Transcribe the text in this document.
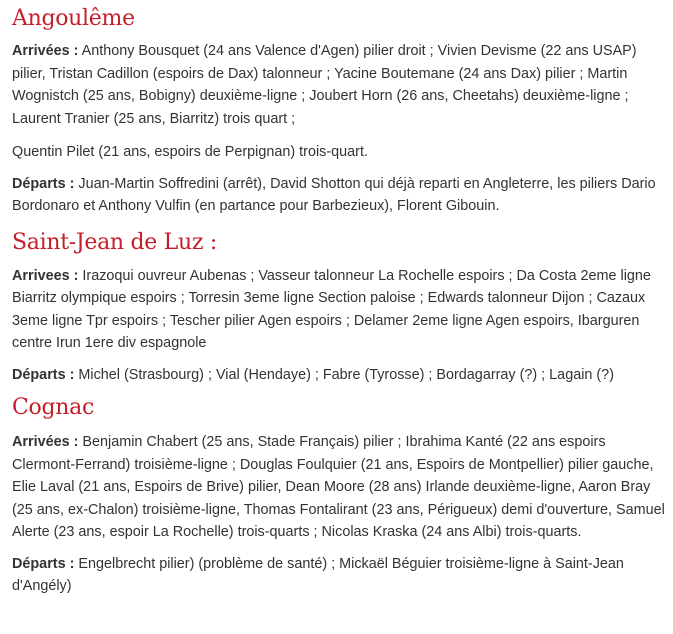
Angoulême

Arrivées : Anthony Bousquet (24 ans Valence d'Agen) pilier droit ; Vivien Devisme (22 ans USAP) pilier, Tristan Cadillon (espoirs de Dax) talonneur ; Yacine Boutemane (24 ans Dax) pilier ; Martin Wognistch (25 ans, Bobigny) deuxième-ligne ; Joubert Horn (26 ans, Cheetahs) deuxième-ligne ; Laurent Tranier (25 ans, Biarritz) trois quart ;

Quentin Pilet (21 ans, espoirs de Perpignan) trois-quart.

Départs : Juan-Martin Soffredini (arrêt), David Shotton qui déjà reparti en Angleterre, les piliers Dario Bordonaro et Anthony Vulfin (en partance pour Barbezieux), Florent Gibouin.

Saint-Jean de Luz :

Arrivees : Irazoqui ouvreur Aubenas ; Vasseur talonneur La Rochelle espoirs ; Da Costa 2eme ligne Biarritz olympique espoirs ; Torresin 3eme ligne Section paloise ; Edwards talonneur Dijon ; Cazaux 3eme ligne Tpr espoirs ; Tescher pilier Agen espoirs ; Delamer 2eme ligne Agen espoirs, Ibarguren centre Irun 1ere div espagnole

Départs : Michel (Strasbourg) ; Vial (Hendaye) ; Fabre (Tyrosse) ; Bordagarray (?) ; Lagain (?)

Cognac

Arrivées : Benjamin Chabert (25 ans, Stade Français) pilier ; Ibrahima Kanté (22 ans espoirs Clermont-Ferrand) troisième-ligne ; Douglas Foulquier (21 ans, Espoirs de Montpellier) pilier gauche, Elie Laval (21 ans, Espoirs de Brive) pilier, Dean Moore (28 ans) Irlande deuxième-ligne, Aaron Bray (25 ans, ex-Chalon) troisième-ligne, Thomas Fontalirant (23 ans, Périgueux) demi d'ouverture, Samuel Alerte (23 ans, espoir La Rochelle) trois-quarts ; Nicolas Kraska (24 ans Albi) trois-quarts.

Départs : Engelbrecht pilier) (problème de santé) ; Mickaël Béguier troisième-ligne à Saint-Jean d'Angély)
